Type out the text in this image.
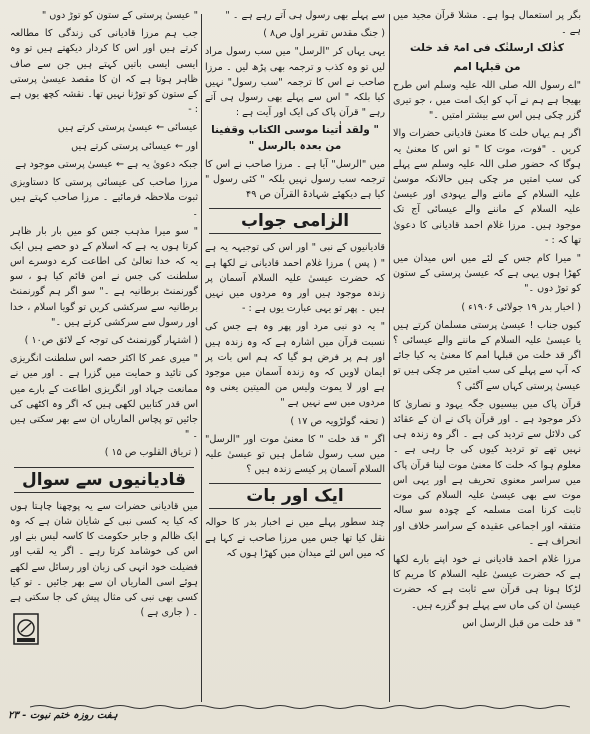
بگر پر استعمال ہوا ہے۔ مشلا قرآن مجید میں ہے ۔

کذٰلک ارسلنٰک فی امۃ قد خلت

من قبلہا امم

"اے رسول اللہ صلی اللہ علیہ وسلم اس طرح بھیجا ہے ہم نے آپ کو ایک امت میں ، جو تیری گزر چکی ہیں اس سے بیشتر امتیں ۔"

اگر ہم یہاں خلت کا معنیٰ قادیانی حضرات والا کریں ۔ "فوت، موت کا " تو اس کا معنیٰ یہ ہوگا کہ حضور صلی اللہ علیہ وسلم سے پہلے کی سب امتیں مر چکی ہیں حالانکہ موسیٰ علیہ السلام کے ماننے والے یہودی اور عیسیٰ علیہ السلام کے ماننے والے عیسائی آج تک موجود ہیں۔ مرزا غلام احمد قادیانی کا دعویٰ تھا کہ : -

" میرا کام جس کے لئے میں اس میدان میں کھڑا ہوں یہی ہے کہ عیسیٰ پرستی کے ستون کو توڑ دوں ۔"

( اخبار بدر ۱۹ جولائی ۱۹۰۶ء )

کیوں جناب ! عیسیٰ پرستی مسلمان کرتے ہیں یا عیسیٰ علیہ السلام کے ماننے والے عیسائی ؟ اگر قد خلت من قبلہا امم کا معنیٰ یہ کیا جائے کہ آپ سے پہلے کی سب امتیں مر چکی ہیں تو عیسیٰ پرستی کہاں سے آگئی ؟

قرآن پاک میں بیسیوں جگہ یہود و نصاریٰ کا ذکر موجود ہے ۔ اور قرآن پاک نے ان کے عقائد کی دلائل سے تردید کی ہے ۔ اگر وہ زندہ ہی نہیں تھے تو تردید کیوں کی جا رہی ہے ۔ معلوم ہوا کہ خلت کا معنیٰ موت لینا قرآن پاک میں سراسر معنوی تحریف ہے اور یہی اس موت سے بھی عیسیٰ علیہ السلام کی موت ثابت کرنا امت مسلمہ کے چودہ سو سالہ متفقہ اور اجماعی عقیدہ کے سراسر خلاف اور انحراف ہے ۔

مرزا غلام احمد قادیانی نے خود اپنے بارے لکھا ہے کہ حضرت عیسیٰ علیہ السلام کا مریم کا لڑکا ہونا ہی قرآن سے ثابت ہے کہ حضرت عیسیٰ ان کی ماں سے پہلے ہو گزرے ہیں۔

" قد خلت من قبل الرسل اس

سے پہلے بھی رسول ہی آتے رہے ہے ۔ "

( جنگ مقدس تقریر اول ص۸ )

یہی یہاں کر "الرسل" میں سب رسول مراد لیں تو وہ کذب و ترجمہ بھی پڑھ لیں ۔ مرزا صاحب نے اس کا ترجمہ "سب رسول" نہیں کیا بلکہ " اس سے پہلے بھی رسول ہی آتے رہے " قرآن پاک کی ایک اور آیت ہے :

" ولقد اٰتینا موسی الکتاب وقفینا من بعدہ بالرسل "

میں "الرسل" آیا ہے ۔ مرزا صاحب نے اس کا ترجمہ سب رسول نہیں بلکہ " کئی رسول " کیا ہے دیکھئے شہادۃ القرآن ص ۴۹

الزامی جواب

قادیانیوں کے نبی " اور اس کی توجیہہ یہ ہے " ( پس ) مرزا غلام احمد قادیانی نے لکھا ہے کہ حضرت عیسیٰ علیہ السلام آسمان پر زندہ موجود ہیں اور وہ مردوں میں نہیں ہیں ۔ پھر تو یہی عبارت یوں ہے : -

" یہ دو نبی مرد اور پھر وہ ہے جس کی نسبت قرآن میں اشارہ ہے کہ وہ زندہ ہیں اور ہم پر فرض ہو گیا کہ ہم اس بات پر ایمان لاویں کہ وہ زندہ آسمان میں موجود ہے اور لا یموت ولیس من المیتین یعنی وہ مردوں میں سے نہیں ہے "

( تحفہ گولڑویہ ص ۱۷ )

اگر " قد خلت " کا معنیٰ موت اور "الرسل" میں سب رسول شامل ہیں تو عیسیٰ علیہ السلام آسمان پر کیسے زندہ ہیں ؟

ایک اور بات

چند سطور پہلے میں نے اخبار بدر کا حوالہ نقل کیا تھا جس میں مرزا صاحب نے کہا ہے کہ میں اس لئے میدان میں کھڑا ہوں کہ

" عیسیٰ پرستی کے ستون کو توڑ دوں "

جب ہم مرزا قادیانی کی زندگی کا مطالعہ کرتے ہیں اور اس کا کردار دیکھتے ہیں تو وہ ایسی ایسی باتیں کہتے ہیں جن سے صاف ظاہر ہوتا ہے کہ ان کا مقصد عیسیٰ پرستی کے ستون کو توڑنا نہیں تھا۔ نقشہ کچھ یوں ہے : -

عیسائی ← عیسیٰ پرستی کرتے ہیں

اور ← عیسائی پرستی کرتے ہیں

جبکہ دعویٰ یہ ہے ← عیسیٰ پرستی موجود ہے

مرزا صاحب کی عیسائی پرستی کا دستاویزی ثبوت ملاحظہ فرمائیے ۔ مرزا صاحب کہتے ہیں ۔

" سو میرا مذہب جس کو میں بار بار ظاہر کرتا ہوں یہ ہے کہ اسلام کے دو حصے ہیں ایک یہ کہ خدا تعالیٰ کی اطاعت کرے دوسرے اس سلطنت کی جس نے امن قائم کیا ہو ، سو گورنمنٹ برطانیہ ہے ۔" سو اگر ہم گورنمنٹ برطانیہ سے سرکشی کریں تو گویا اسلام ، خدا اور رسول سے سرکشی کرتے ہیں ۔"

( اشتہار گورنمنٹ کی توجہ کے لائق ص۱۰ )

" میری عمر کا اکثر حصہ اس سلطنت انگریزی کی تائید و حمایت میں گزرا ہے ۔ اور میں نے ممانعت جہاد اور انگریزی اطاعت کے بارے میں اس قدر کتابیں لکھی ہیں کہ اگر وہ اکٹھی کی جائیں تو پچاس الماریاں ان سے بھر سکتی ہیں ۔ "

( تریاق القلوب ص ۱۵ )

قادیانیوں سے سوال

میں قادیانی حضرات سے یہ پوچھنا چاہتا ہوں کہ کیا یہ کسی نبی کے شایان شان ہے کہ وہ ایک ظالم و جابر حکومت کا کاسہ لیس بنے اور اس کی خوشامد کرتا رہے ۔ اگر یہ لقب اور فضیلت خود انہی کی زبان اور رسائل سے لکھے ہوئے اسی الماریاں ان سے بھر جائیں ۔ تو کیا کسی بھی نبی کی مثال پیش کی جا سکتی ہے ۔ ( جاری ہے )

ہفت روزہ ختم نبوت - ۲۳
